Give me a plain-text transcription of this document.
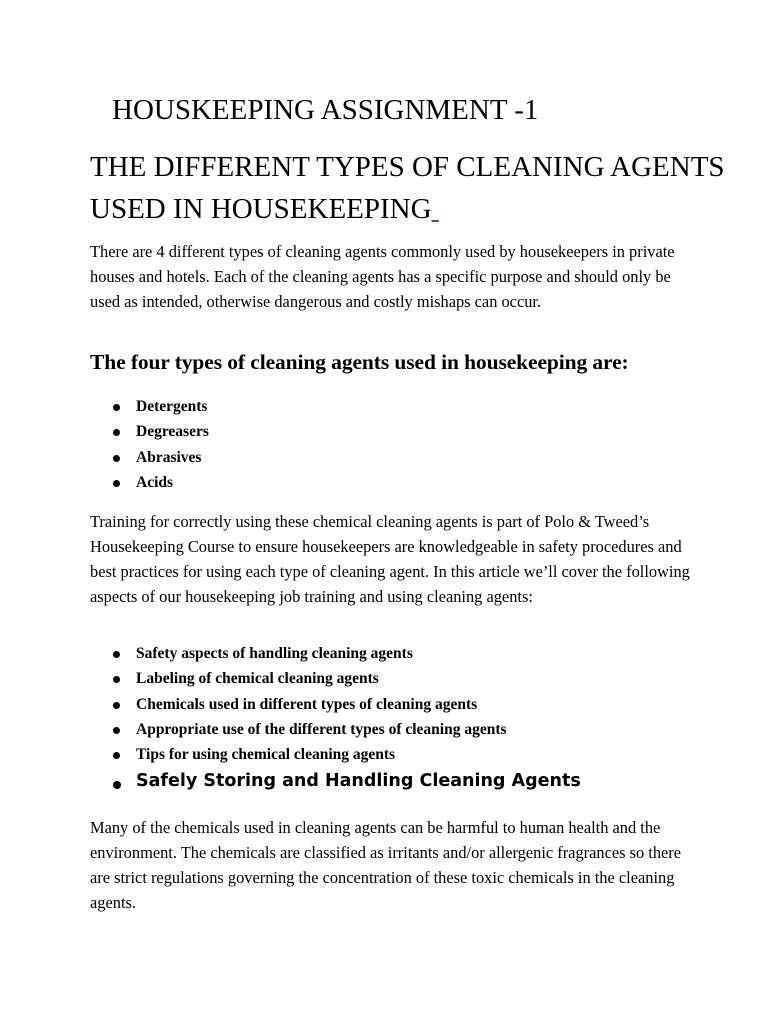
HOUSKEEPING ASSIGNMENT -1
THE DIFFERENT TYPES OF CLEANING AGENTS USED IN HOUSEKEEPING

There are 4 different types of cleaning agents commonly used by housekeepers in private houses and hotels. Each of the cleaning agents has a specific purpose and should only be used as intended, otherwise dangerous and costly mishaps can occur.

The four types of cleaning agents used in housekeeping are:
Detergents
Degreasers
Abrasives
Acids

Training for correctly using these chemical cleaning agents is part of Polo & Tweed’s Housekeeping Course to ensure housekeepers are knowledgeable in safety procedures and best practices for using each type of cleaning agent. In this article we’ll cover the following aspects of our housekeeping job training and using cleaning agents:

Safety aspects of handling cleaning agents
Labeling of chemical cleaning agents
Chemicals used in different types of cleaning agents
Appropriate use of the different types of cleaning agents
Tips for using chemical cleaning agents
Safely Storing and Handling Cleaning Agents

Many of the chemicals used in cleaning agents can be harmful to human health and the environment. The chemicals are classified as irritants and/or allergenic fragrances so there are strict regulations governing the concentration of these toxic chemicals in the cleaning agents.
